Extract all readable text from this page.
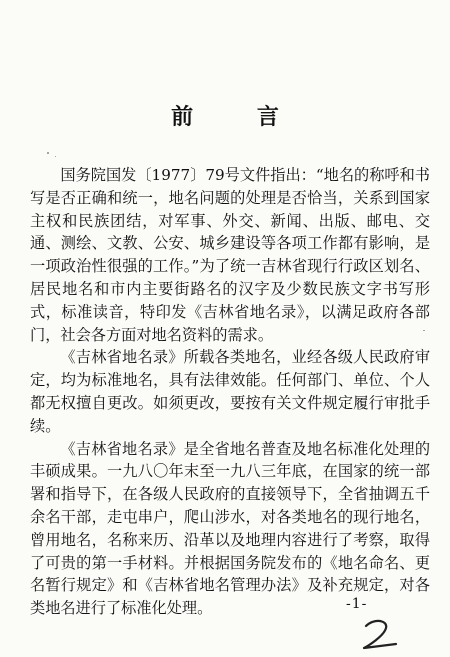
前 言

国务院国发〔1977〕79号文件指出：“地名的称呼和书写是否正确和统一，地名问题的处理是否恰当，关系到国家主权和民族团结，对军事、外交、新闻、出版、邮电、交通、测绘、文教、公安、城乡建设等各项工作都有影响，是一项政治性很强的工作。”为了统一吉林省现行行政区划名、居民地名和市内主要街路名的汉字及少数民族文字书写形式，标准读音，特印发《吉林省地名录》，以满足政府各部门，社会各方面对地名资料的需求。

《吉林省地名录》所载各类地名，业经各级人民政府审定，均为标准地名，具有法律效能。任何部门、单位、个人都无权擅自更改。如须更改，要按有关文件规定履行审批手续。

《吉林省地名录》是全省地名普查及地名标准化处理的丰硕成果。一九八〇年末至一九八三年底，在国家的统一部署和指导下，在各级人民政府的直接领导下，全省抽调五千余名干部，走屯串户，爬山涉水，对各类地名的现行地名，曾用地名，名称来历、沿革以及地理内容进行了考察，取得了可贵的第一手材料。并根据国务院发布的《地名命名、更名暂行规定》和《吉林省地名管理办法》及补充规定，对各类地名进行了标准化处理。	-1-
